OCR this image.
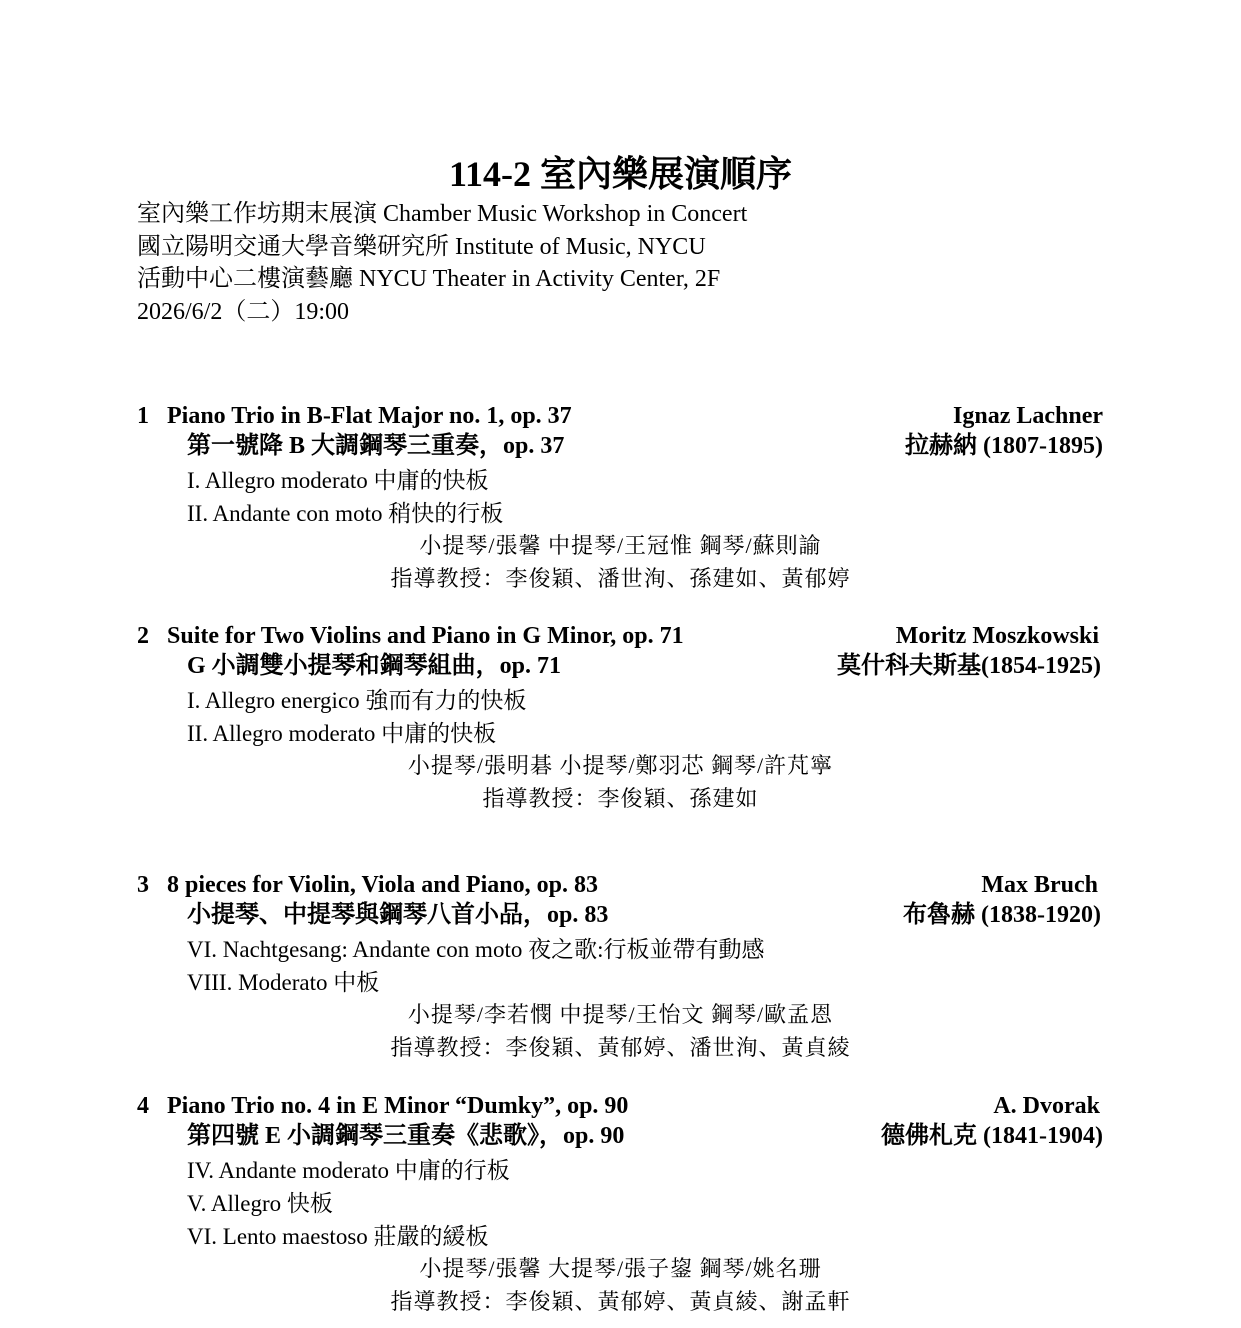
114-2 室內樂展演順序
室內樂工作坊期末展演 Chamber Music Workshop in Concert
國立陽明交通大學音樂研究所 Institute of Music, NYCU
活動中心二樓演藝廳 NYCU Theater in Activity Center, 2F
2026/6/2（二）19:00
1 Piano Trio in B-Flat Major no. 1, op. 37	Ignaz Lachner
第一號降 B 大調鋼琴三重奏，op. 37	拉赫納 (1807-1895)
I. Allegro moderato 中庸的快板
II. Andante con moto 稍快的行板
小提琴/張馨 中提琴/王冠惟 鋼琴/蘇則諭
指導教授：李俊穎、潘世洵、孫建如、黃郁婷
2 Suite for Two Violins and Piano in G Minor, op. 71	Moritz Moszkowski
G 小調雙小提琴和鋼琴組曲，op. 71	莫什科夫斯基(1854-1925)
I. Allegro energico 強而有力的快板
II. Allegro moderato 中庸的快板
小提琴/張明碁 小提琴/鄭羽芯 鋼琴/許芃寧
指導教授：李俊穎、孫建如
3 8 pieces for Violin, Viola and Piano, op. 83	Max Bruch
小提琴、中提琴與鋼琴八首小品，op. 83	布魯赫 (1838-1920)
VI. Nachtgesang: Andante con moto 夜之歌:行板並帶有動感
VIII. Moderato 中板
小提琴/李若憫 中提琴/王怡文 鋼琴/歐孟恩
指導教授：李俊穎、黃郁婷、潘世洵、黃貞綾
4 Piano Trio no. 4 in E Minor “Dumky”, op. 90	A. Dvorak
第四號 E 小調鋼琴三重奏《悲歌》，op. 90	德佛札克 (1841-1904)
IV. Andante moderato 中庸的行板
V. Allegro 快板
VI. Lento maestoso 莊嚴的緩板
小提琴/張馨 大提琴/張子鋆 鋼琴/姚名珊
指導教授：李俊穎、黃郁婷、黃貞綾、謝孟軒
